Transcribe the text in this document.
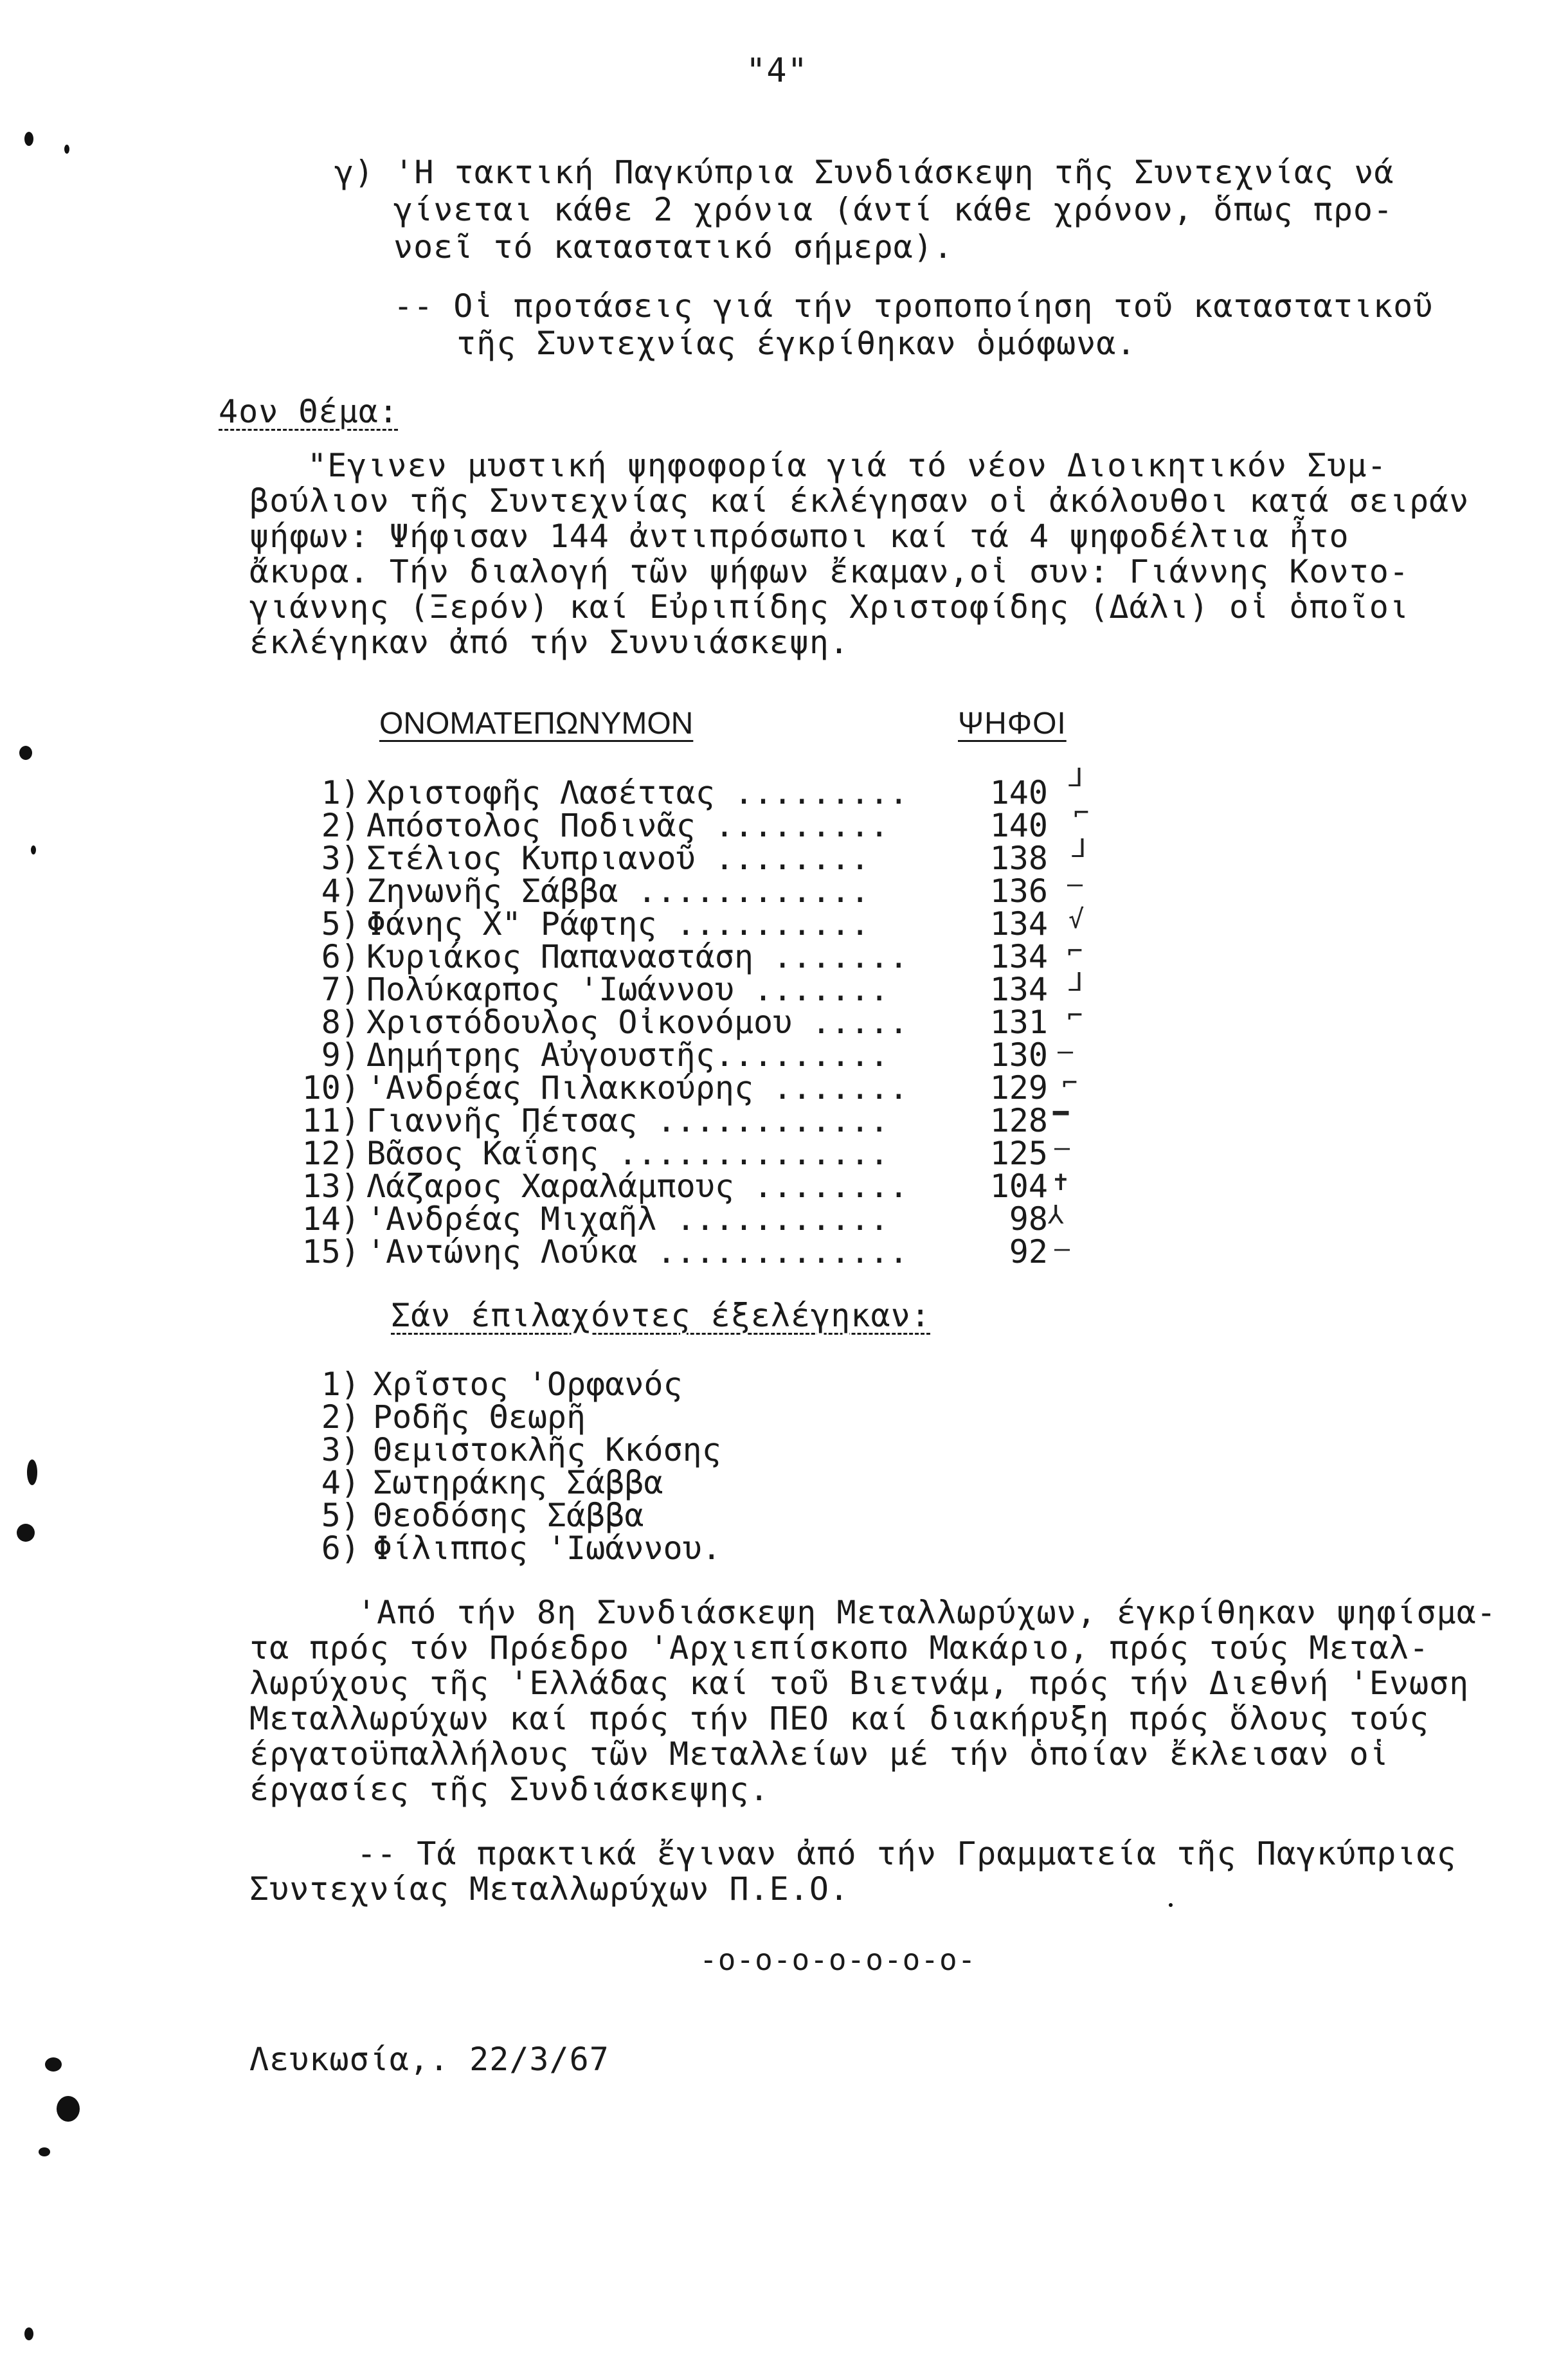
"4"
γ) 'Η τακτική Παγκύπρια Συνδιάσκεψη τῆς Συντεχνίας νά
γίνεται κάθε 2 χρόνια (άντί κάθε χρόνον, ὅπως προ-
νοεῖ τό καταστατικό σήμερα).
-- Οἱ προτάσεις γιά τήν τροποποίηση τοῦ καταστατικοῦ
τῆς Συντεχνίας έγκρίθηκαν ὁμόφωνα.
4ον Θέμα:
"Εγινεν μυστική ψηφοφορία γιά τό νέον Διοικητικόν Συμ-
βούλιον τῆς Συντεχνίας καί έκλέγησαν οἱ ἀκόλουθοι κατά σειράν
ψήφων: Ψήφισαν 144 ἀντιπρόσωποι καί τά 4 ψηφοδέλτια ἦτο
ἄκυρα. Τήν διαλογή τῶν ψήφων ἔκαμαν,οἱ συν: Γιάννης Κοντο-
γιάννης (Ξερόν) καί Εὐριπίδης Χριστοφίδης (Δάλι) οἱ ὁποῖοι
έκλέγηκαν ἀπό τήν Συνυιάσκεψη.
ΟΝΟΜΑΤΕΠΩΝΥΜΟΝ	ΨΗΦΟΙ
1) Χριστοφῆς Λασέττας .........	140
2) Απόστολος Ποδινᾶς .........	140
3) Στέλιος Κυπριανοῦ ........	138
4) Ζηνωνῆς Σάββα ............	136
5) Φάνης Χ" Ράφτης ..........	134
6) Κυριάκος Παπαναστάση .......	134
7) Πολύκαρπος 'Ιωάννου .......	134
8) Χριστόδουλος Οἰκονόμου .....	131
9) Δημήτρης Αὐγουστῆς.........	130
10) 'Ανδρέας Πιλακκούρης .......	129
11) Γιαννῆς Πέτσας ............	128
12) Βᾶσος Καΐσης ..............	125
13) Λάζαρος Χαραλάμπους ........	104
14) 'Ανδρέας Μιχαῆλ ...........	98
15) 'Αντώνης Λούκα .............	92
ᒧ
⌐
ᒧ
—
√
⌐
ᒧ
⌐
—
⌐
━
—
✝
⅄
—
Σάν έπιλαχόντες έξελέγηκαν:
1) Χρῖστος 'Ορφανός
2) Ροδῆς Θεωρῆ
3) Θεμιστοκλῆς Κκόσης
4) Σωτηράκης Σάββα
5) Θεοδόσης Σάββα
6) Φίλιππος 'Ιωάννου.
'Από τήν 8η Συνδιάσκεψη Μεταλλωρύχων, έγκρίθηκαν ψηφίσμα-
τα πρός τόν Πρόεδρο 'Αρχιεπίσκοπο Μακάριο, πρός τούς Μεταλ-
λωρύχους τῆς 'Ελλάδας καί τοῦ Βιετνάμ, πρός τήν Διεθνή 'Ενωση
Μεταλλωρύχων καί πρός τήν ΠΕΟ καί διακήρυξη πρός ὅλους τούς
έργατοϋπαλλήλους τῶν Μεταλλείων μέ τήν ὁποίαν ἔκλεισαν οἱ
έργασίες τῆς Συνδιάσκεψης.
-- Τά πρακτικά ἔγιναν ἀπό τήν Γραμματεία τῆς Παγκύπριας
Συντεχνίας Μεταλλωρύχων Π.Ε.Ο.
-o-o-o-o-o-o-o-
Λευκωσία,. 22/3/67
